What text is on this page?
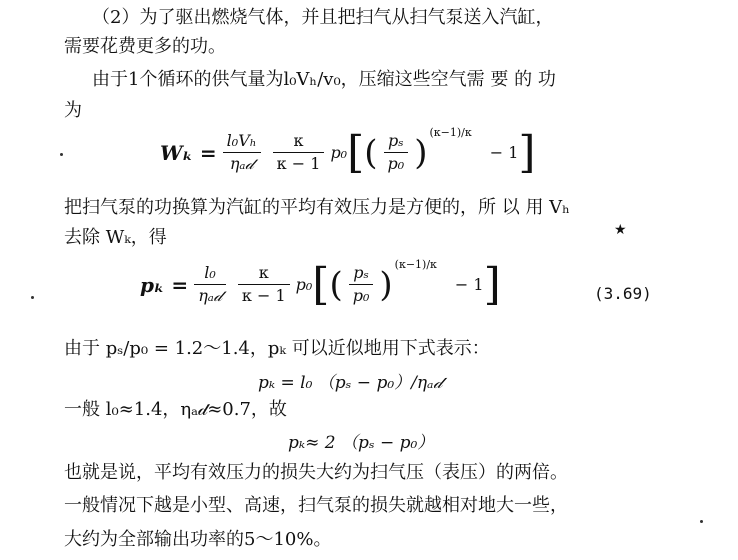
（2）为了驱出燃烧气体，并且把扫气从扫气泵送入汽缸，
需要花费更多的功。
由于1个循环的供气量为l₀Vₕ/v₀，压缩这些空气需 要 的 功
为
$W_k = \frac{\text{l₀Vₕ}}{\text{ηₐ𝒹}} \frac{\kappa}{\kappa - 1} p_0$ [ ( $\frac{\text{pₛ}}{\text{p₀}}$ ) (κ−1)/κ
− 1 ]
把扫气泵的功换算为汽缸的平均有效压力是方便的，所 以 用 Vₕ
★
去除 Wₖ，得
$p_k = \frac{\text{l₀}}{\text{ηₐ𝒹}} \frac{\kappa}{\kappa - 1} p_0$ [ ( $\frac{\text{pₛ}}{\text{p₀}}$ ) (κ−1)/κ
− 1 ]	(3.69)
由于 pₛ/p₀ = 1.2～1.4，pₖ 可以近似地用下式表示：
pₖ = l₀ （pₛ − p₀）/ηₐ𝒹
一般 l₀≈1.4，ηₐ𝒹≈0.7，故
pₖ≈ 2 （pₛ − p₀）
也就是说，平均有效压力的损失大约为扫气压（表压）的两倍。
一般情况下越是小型、高速，扫气泵的损失就越相对地大一些，
大约为全部输出功率的5～10%。
